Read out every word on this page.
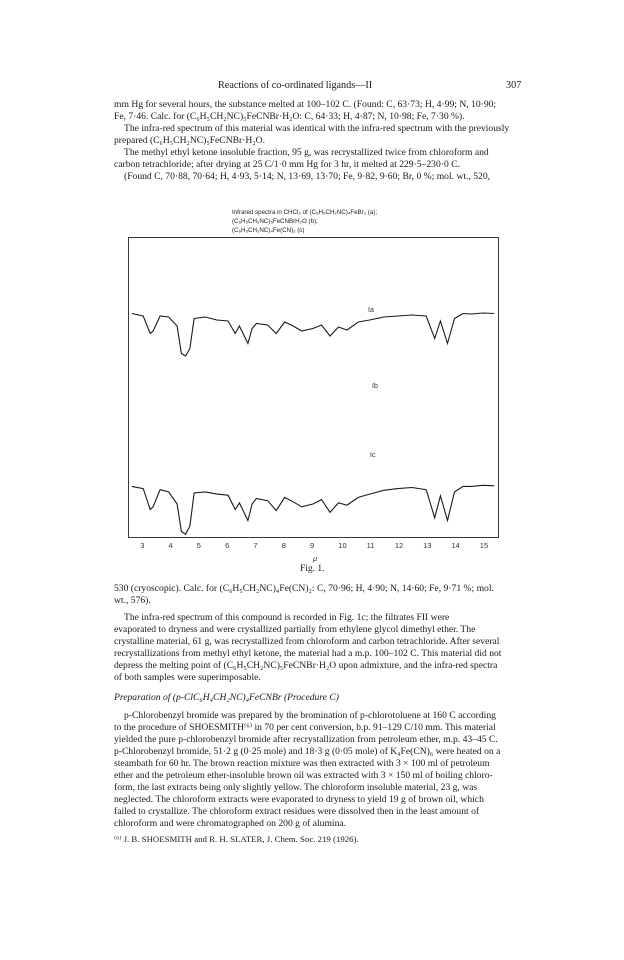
Reactions of co-ordinated ligands—II	307
mm Hg for several hours, the substance melted at 100–102 C. (Found: C, 63·73; H, 4·99; N, 10·90;
Fe, 7·46. Calc. for (C₆H₅CH₂NC)₅FeCNBr·H₂O: C, 64·33; H, 4·87; N, 10·98; Fe, 7·30 %).
The infra-red spectrum of this material was identical with the infra-red spectrum with the previously
prepared (C₆H₅CH₂NC)₅FeCNBr·H₂O.
The methyl ethyl ketone insoluble fraction, 95 g, was recrystallized twice from chloroform and
carbon tetrachloride; after drying at 25 C/1·0 mm Hg for 3 hr, it melted at 229·5–230·0 C.
(Found C, 70·88, 70·64; H, 4·93, 5·14; N, 13·69, 13·70; Fe, 9·82, 9·60; Br, 0 %; mol. wt., 520,
Infrared spectra in CHCl₃ of (C₆H₅CH₂NC)₄FeBr₂ (a);
(C₆H₅CH₂NC)₅FeCNBrH₂O (b);
(C₆H₅CH₂NC)₄Fe(CN)₂ (c)
Ia
Ib
Ic
3	4	5	6	7	8	9	10	11	12	13	14	15
μ
Fig. 1.
530 (cryoscopic). Calc. for (C₆H₅CH₂NC)₄Fe(CN)₂: C, 70·96; H, 4·90; N, 14·60; Fe, 9·71 %; mol.
wt., 576).
The infra-red spectrum of this compound is recorded in Fig. 1c; the filtrates FII were
evaporated to dryness and were crystallized partially from ethylene glycol dimethyl ether. The
crystalline material, 61 g, was recrystallized from chloroform and carbon tetrachloride. After several
recrystallizations from methyl ethyl ketone, the material had a m.p. 100–102 C. This material did not
depress the melting point of (C₆H₅CH₂NC)₅FeCNBr·H₂O upon admixture, and the infra-red spectra
of both samples were superimposable.
Preparation of (p-ClC₆H₄CH₂NC)₄FeCNBr (Procedure C)
p-Chlorobenzyl bromide was prepared by the bromination of p-chlorotoluene at 160 C according
to the procedure of SHOESMITH⁽⁶⁾ in 70 per cent conversion, b.p. 91–129 C/10 mm. This material
yielded the pure p-chlorobenzyl bromide after recrystallization from petroleum ether, m.p. 43–45 C.
p-Chlorobenzyl bromide, 51·2 g (0·25 mole) and 18·3 g (0·05 mole) of K₄Fe(CN)₆ were heated on a
steambath for 60 hr. The brown reaction mixture was then extracted with 3 × 100 ml of petroleum
ether and the petroleum ether-insoluble brown oil was extracted with 3 × 150 ml of boiling chloro-
form, the last extracts being only slightly yellow. The chloroform insoluble material, 23 g, was
neglected. The chloroform extracts were evaporated to dryness to yield 19 g of brown oil, which
failed to crystallize. The chloroform extract residues were dissolved then in the least amount of
chloroform and were chromatographed on 200 g of alumina.
⁽⁶⁾ J. B. SHOESMITH and R. H. SLATER, J. Chem. Soc. 219 (1926).
